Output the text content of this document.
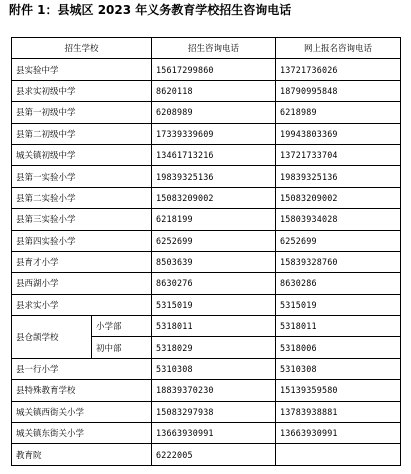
附件 1：县城区 2023 年义务教育学校招生咨询电话
招生学校		招生咨询电话	网上报名咨询电话
县实验中学		15617299860	13721736026
县求实初级中学		8620118	18790995848
县第一初级中学		6208989	6218989
县第二初级中学		17339339609	19943803369
城关镇初级中学		13461713216	13721733704
县第一实验小学		19839325136	19839325136
县第二实验小学		15083209002	15083209002
县第三实验小学		6218199	15803934028
县第四实验小学		6252699	6252699
县育才小学		8503639	15839328760
县西湖小学		8630276	8630286
县求实小学		5315019	5315019
县仓颉学校	小学部	5318011	5318011
	初中部	5318029	5318006
县一行小学		5310308	5310308
县特殊教育学校		18839370230	15139359580
城关镇西街关小学		15083297938	13783938881
城关镇东街关小学		13663930991	13663930991
教育院		6222005	
